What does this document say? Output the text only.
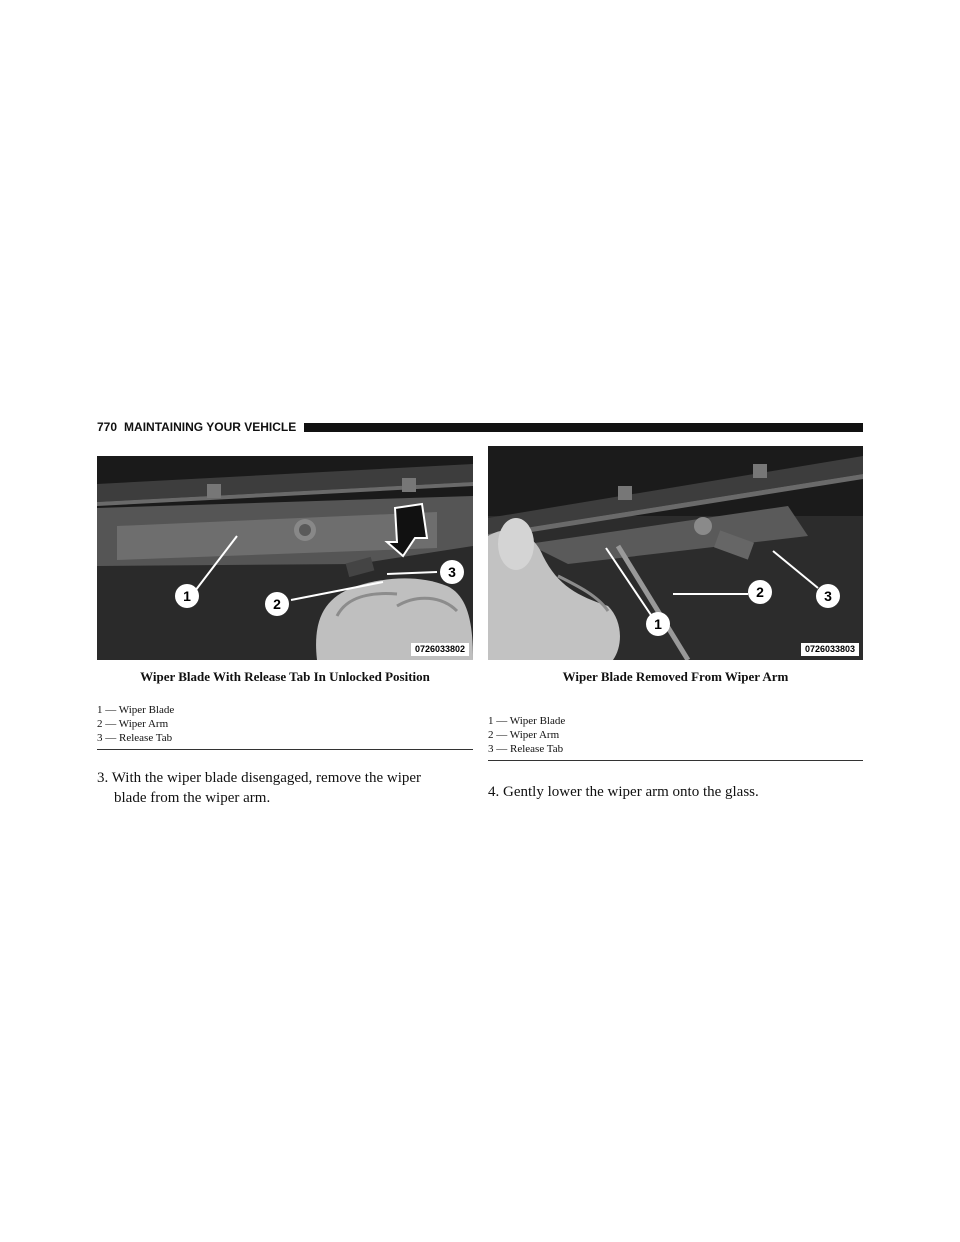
770 MAINTAINING YOUR VEHICLE
1	2
3
0726033802
1
2	3
0726033803
Wiper Blade With Release Tab In Unlocked Position	Wiper Blade Removed From Wiper Arm
1 — Wiper Blade
2 — Wiper Arm
3 — Release Tab
1 — Wiper Blade
2 — Wiper Arm
3 — Release Tab
3. With the wiper blade disengaged, remove the wiper
blade from the wiper arm.	4. Gently lower the wiper arm onto the glass.
